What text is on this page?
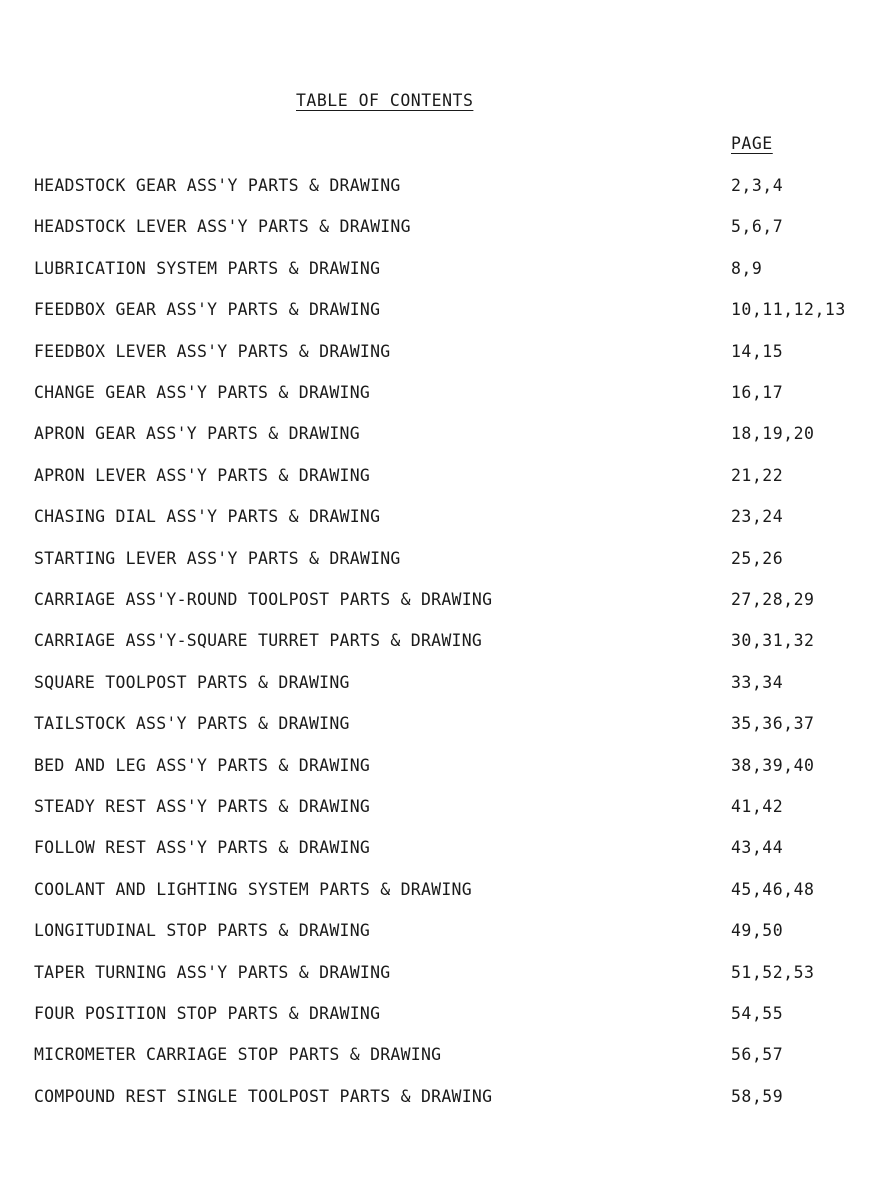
TABLE OF CONTENTS
PAGE
HEADSTOCK GEAR ASS'Y PARTS & DRAWING	2,3,4
HEADSTOCK LEVER ASS'Y PARTS & DRAWING	5,6,7
LUBRICATION SYSTEM PARTS & DRAWING	8,9
FEEDBOX GEAR ASS'Y PARTS & DRAWING	10,11,12,13
FEEDBOX LEVER ASS'Y PARTS & DRAWING	14,15
CHANGE GEAR ASS'Y PARTS & DRAWING	16,17
APRON GEAR ASS'Y PARTS & DRAWING	18,19,20
APRON LEVER ASS'Y PARTS & DRAWING	21,22
CHASING DIAL ASS'Y PARTS & DRAWING	23,24
STARTING LEVER ASS'Y PARTS & DRAWING	25,26
CARRIAGE ASS'Y-ROUND TOOLPOST PARTS & DRAWING	27,28,29
CARRIAGE ASS'Y-SQUARE TURRET PARTS & DRAWING	30,31,32
SQUARE TOOLPOST PARTS & DRAWING	33,34
TAILSTOCK ASS'Y PARTS & DRAWING	35,36,37
BED AND LEG ASS'Y PARTS & DRAWING	38,39,40
STEADY REST ASS'Y PARTS & DRAWING	41,42
FOLLOW REST ASS'Y PARTS & DRAWING	43,44
COOLANT AND LIGHTING SYSTEM PARTS & DRAWING	45,46,48
LONGITUDINAL STOP PARTS & DRAWING	49,50
TAPER TURNING ASS'Y PARTS & DRAWING	51,52,53
FOUR POSITION STOP PARTS & DRAWING	54,55
MICROMETER CARRIAGE STOP PARTS & DRAWING	56,57
COMPOUND REST SINGLE TOOLPOST PARTS & DRAWING	58,59
